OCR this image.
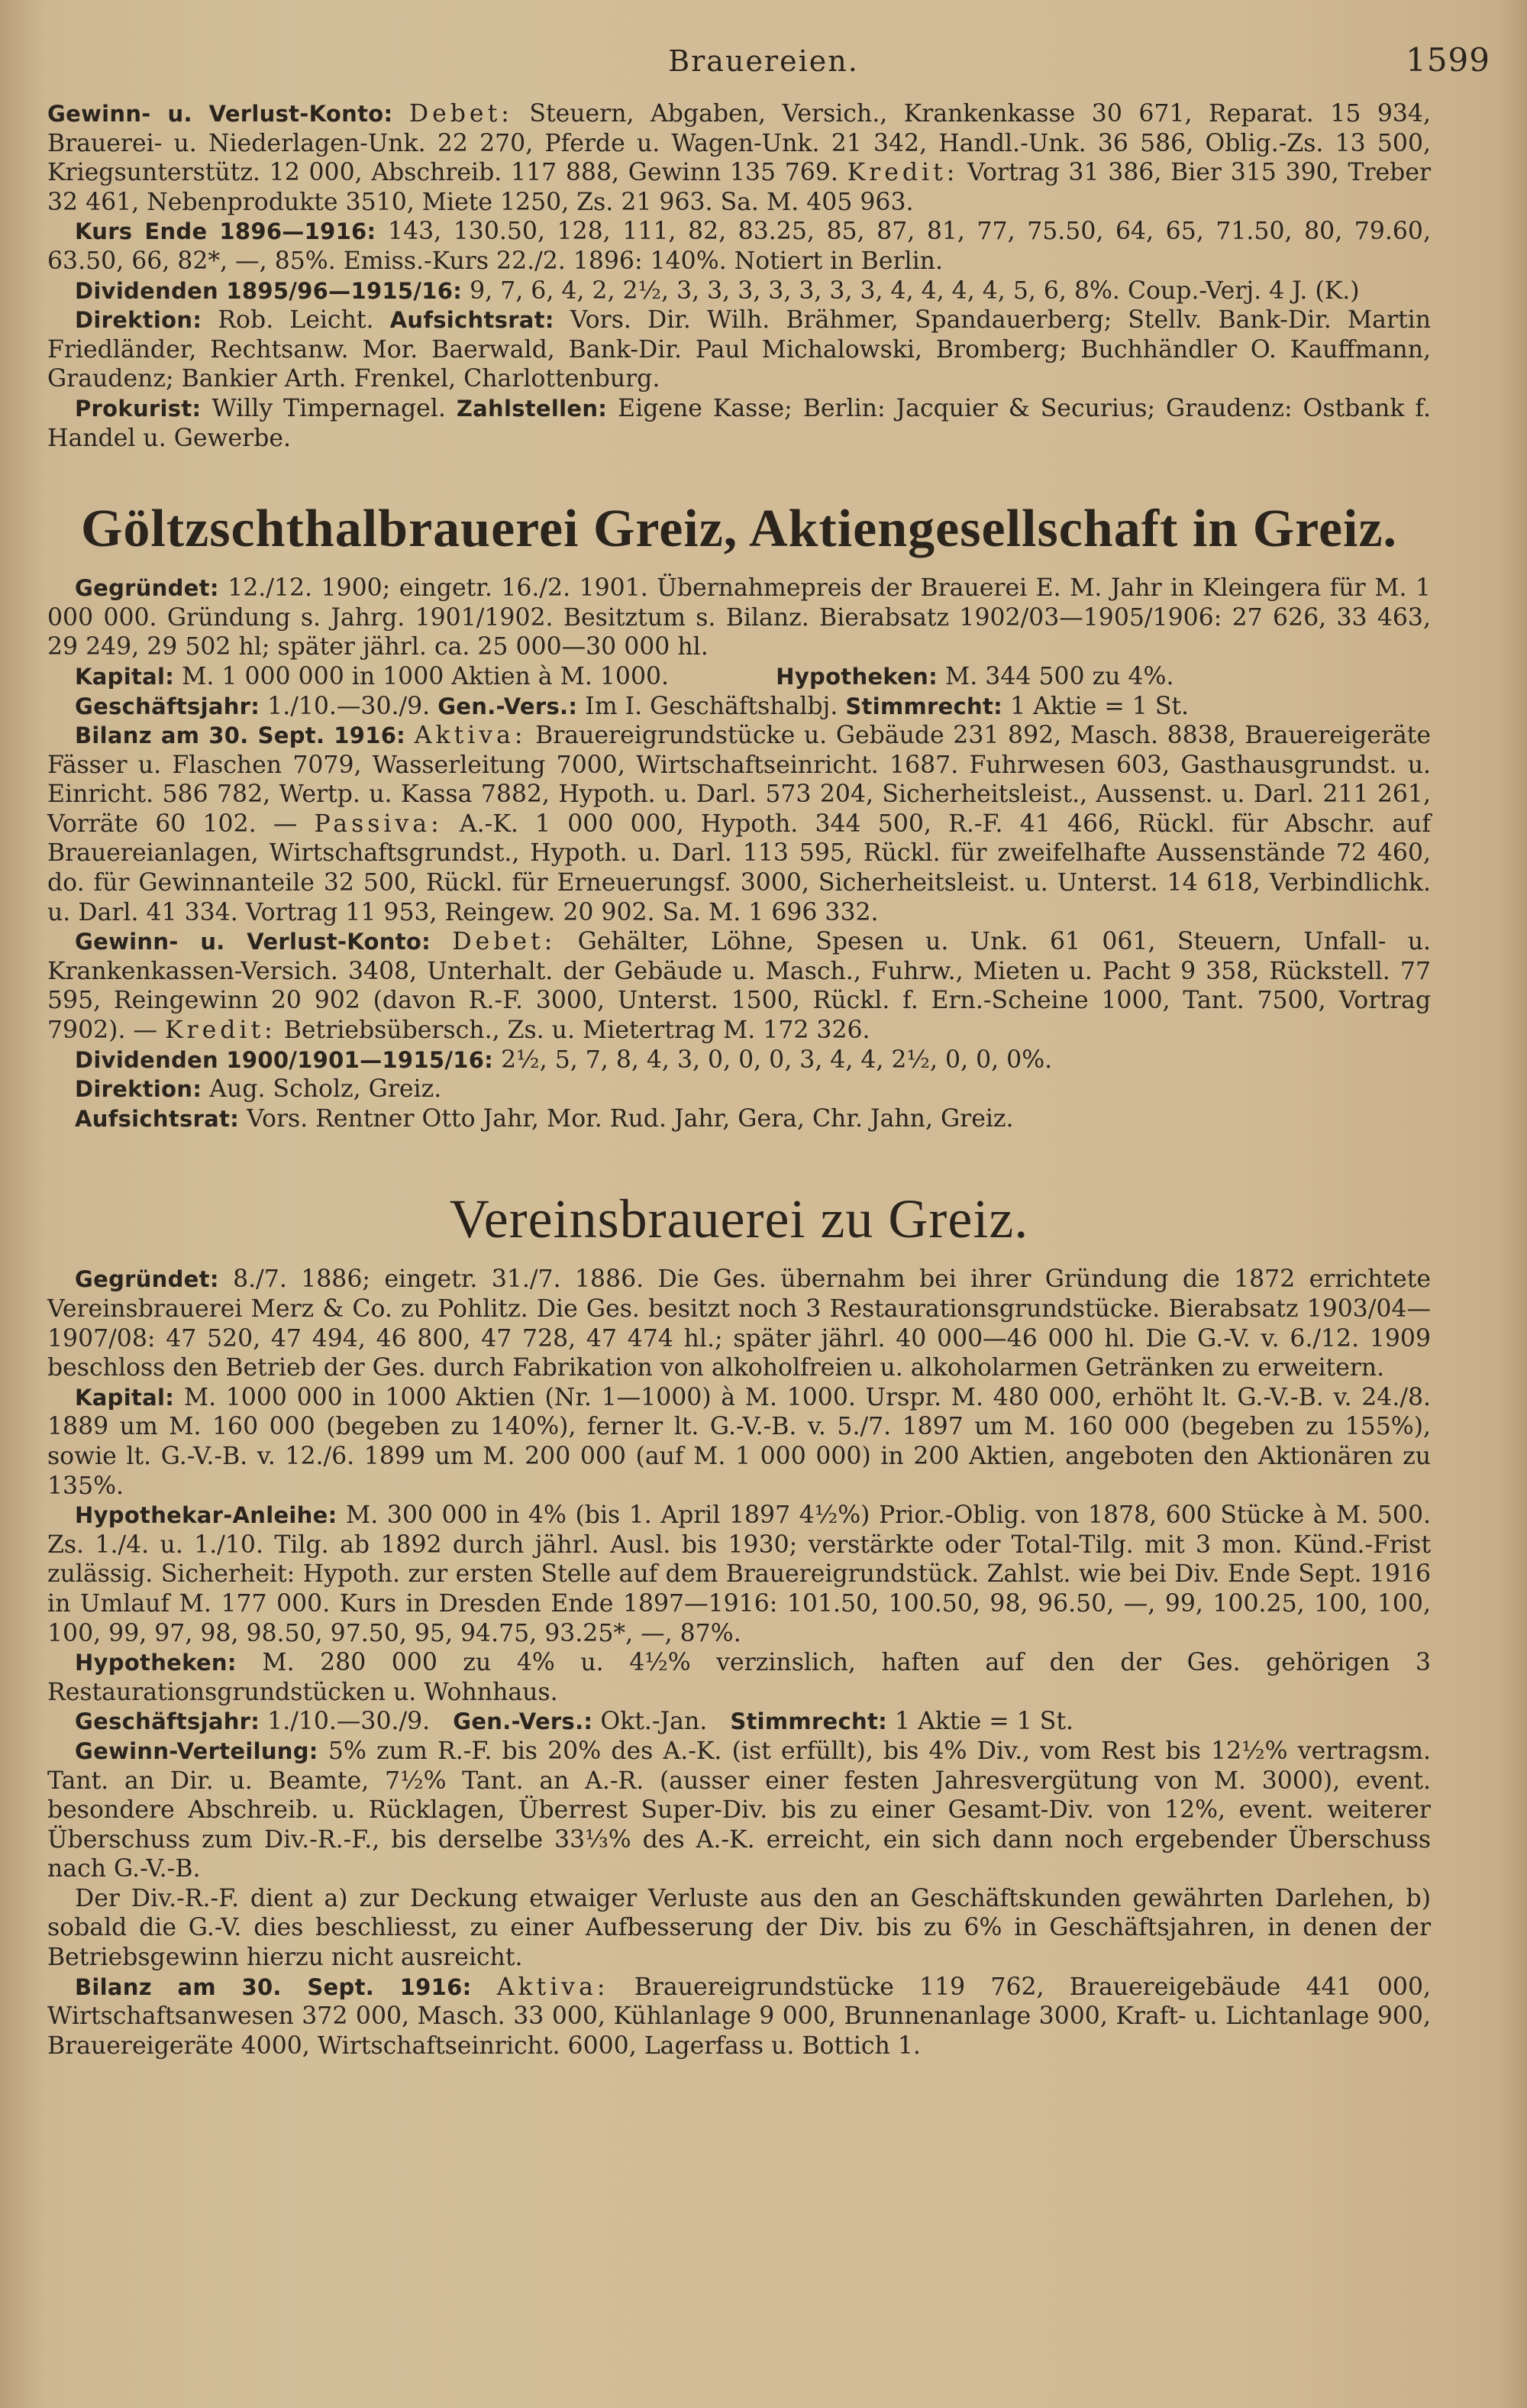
Brauereien.	1599

Gewinn- u. Verlust-Konto: Debet: Steuern, Abgaben, Versich., Krankenkasse 30 671, Reparat. 15 934, Brauerei- u. Niederlagen-Unk. 22 270, Pferde u. Wagen-Unk. 21 342, Handl.-Unk. 36 586, Oblig.-Zs. 13 500, Kriegsunterstütz. 12 000, Abschreib. 117 888, Gewinn 135 769. Kredit: Vortrag 31 386, Bier 315 390, Treber 32 461, Nebenprodukte 3510, Miete 1250, Zs. 21 963. Sa. M. 405 963.

Kurs Ende 1896—1916: 143, 130.50, 128, 111, 82, 83.25, 85, 87, 81, 77, 75.50, 64, 65, 71.50, 80, 79.60, 63.50, 66, 82*, —, 85%. Emiss.-Kurs 22./2. 1896: 140%. Notiert in Berlin.

Dividenden 1895/96—1915/16: 9, 7, 6, 4, 2, 2½, 3, 3, 3, 3, 3, 3, 3, 4, 4, 4, 4, 5, 6, 8%. Coup.-Verj. 4 J. (K.)

Direktion: Rob. Leicht. Aufsichtsrat: Vors. Dir. Wilh. Brähmer, Spandauerberg; Stellv. Bank-Dir. Martin Friedländer, Rechtsanw. Mor. Baerwald, Bank-Dir. Paul Michalowski, Bromberg; Buchhändler O. Kauffmann, Graudenz; Bankier Arth. Frenkel, Charlottenburg.

Prokurist: Willy Timpernagel. Zahlstellen: Eigene Kasse; Berlin: Jacquier & Securius; Graudenz: Ostbank f. Handel u. Gewerbe.

Göltzschthalbrauerei Greiz, Aktiengesellschaft in Greiz.

Gegründet: 12./12. 1900; eingetr. 16./2. 1901. Übernahmepreis der Brauerei E. M. Jahr in Kleingera für M. 1 000 000. Gründung s. Jahrg. 1901/1902. Besitztum s. Bilanz. Bierabsatz 1902/03—1905/1906: 27 626, 33 463, 29 249, 29 502 hl; später jährl. ca. 25 000—30 000 hl.

Kapital: M. 1 000 000 in 1000 Aktien à M. 1000.	Hypotheken: M. 344 500 zu 4%.

Geschäftsjahr: 1./10.—30./9. Gen.-Vers.: Im I. Geschäftshalbj. Stimmrecht: 1 Aktie = 1 St.

Bilanz am 30. Sept. 1916: Aktiva: Brauereigrundstücke u. Gebäude 231 892, Masch. 8838, Brauereigeräte Fässer u. Flaschen 7079, Wasserleitung 7000, Wirtschaftseinricht. 1687. Fuhrwesen 603, Gasthausgrundst. u. Einricht. 586 782, Wertp. u. Kassa 7882, Hypoth. u. Darl. 573 204, Sicherheitsleist., Aussenst. u. Darl. 211 261, Vorräte 60 102. — Passiva: A.-K. 1 000 000, Hypoth. 344 500, R.-F. 41 466, Rückl. für Abschr. auf Brauereianlagen, Wirtschaftsgrundst., Hypoth. u. Darl. 113 595, Rückl. für zweifelhafte Aussenstände 72 460, do. für Gewinnanteile 32 500, Rückl. für Erneuerungsf. 3000, Sicherheitsleist. u. Unterst. 14 618, Verbindlichk. u. Darl. 41 334. Vortrag 11 953, Reingew. 20 902. Sa. M. 1 696 332.

Gewinn- u. Verlust-Konto: Debet: Gehälter, Löhne, Spesen u. Unk. 61 061, Steuern, Unfall- u. Krankenkassen-Versich. 3408, Unterhalt. der Gebäude u. Masch., Fuhrw., Mieten u. Pacht 9 358, Rückstell. 77 595, Reingewinn 20 902 (davon R.-F. 3000, Unterst. 1500, Rückl. f. Ern.-Scheine 1000, Tant. 7500, Vortrag 7902). — Kredit: Betriebsübersch., Zs. u. Mietertrag M. 172 326.

Dividenden 1900/1901—1915/16: 2½, 5, 7, 8, 4, 3, 0, 0, 0, 3, 4, 4, 2½, 0, 0, 0%.

Direktion: Aug. Scholz, Greiz.

Aufsichtsrat: Vors. Rentner Otto Jahr, Mor. Rud. Jahr, Gera, Chr. Jahn, Greiz.

Vereinsbrauerei zu Greiz.

Gegründet: 8./7. 1886; eingetr. 31./7. 1886. Die Ges. übernahm bei ihrer Gründung die 1872 errichtete Vereinsbrauerei Merz & Co. zu Pohlitz. Die Ges. besitzt noch 3 Restaurationsgrundstücke. Bierabsatz 1903/04—1907/08: 47 520, 47 494, 46 800, 47 728, 47 474 hl.; später jährl. 40 000—46 000 hl. Die G.-V. v. 6./12. 1909 beschloss den Betrieb der Ges. durch Fabrikation von alkoholfreien u. alkoholarmen Getränken zu erweitern.

Kapital: M. 1000 000 in 1000 Aktien (Nr. 1—1000) à M. 1000. Urspr. M. 480 000, erhöht lt. G.-V.-B. v. 24./8. 1889 um M. 160 000 (begeben zu 140%), ferner lt. G.-V.-B. v. 5./7. 1897 um M. 160 000 (begeben zu 155%), sowie lt. G.-V.-B. v. 12./6. 1899 um M. 200 000 (auf M. 1 000 000) in 200 Aktien, angeboten den Aktionären zu 135%.

Hypothekar-Anleihe: M. 300 000 in 4% (bis 1. April 1897 4½%) Prior.-Oblig. von 1878, 600 Stücke à M. 500. Zs. 1./4. u. 1./10. Tilg. ab 1892 durch jährl. Ausl. bis 1930; verstärkte oder Total-Tilg. mit 3 mon. Künd.-Frist zulässig. Sicherheit: Hypoth. zur ersten Stelle auf dem Brauereigrundstück. Zahlst. wie bei Div. Ende Sept. 1916 in Umlauf M. 177 000. Kurs in Dresden Ende 1897—1916: 101.50, 100.50, 98, 96.50, —, 99, 100.25, 100, 100, 100, 99, 97, 98, 98.50, 97.50, 95, 94.75, 93.25*, —, 87%.

Hypotheken: M. 280 000 zu 4% u. 4½% verzinslich, haften auf den der Ges. gehörigen 3 Restaurationsgrundstücken u. Wohnhaus.

Geschäftsjahr: 1./10.—30./9. Gen.-Vers.: Okt.-Jan. Stimmrecht: 1 Aktie = 1 St.

Gewinn-Verteilung: 5% zum R.-F. bis 20% des A.-K. (ist erfüllt), bis 4% Div., vom Rest bis 12½% vertragsm. Tant. an Dir. u. Beamte, 7½% Tant. an A.-R. (ausser einer festen Jahresvergütung von M. 3000), event. besondere Abschreib. u. Rücklagen, Überrest Super-Div. bis zu einer Gesamt-Div. von 12%, event. weiterer Überschuss zum Div.-R.-F., bis derselbe 33⅓% des A.-K. erreicht, ein sich dann noch ergebender Überschuss nach G.-V.-B.

Der Div.-R.-F. dient a) zur Deckung etwaiger Verluste aus den an Geschäftskunden gewährten Darlehen, b) sobald die G.-V. dies beschliesst, zu einer Aufbesserung der Div. bis zu 6% in Geschäftsjahren, in denen der Betriebsgewinn hierzu nicht ausreicht.

Bilanz am 30. Sept. 1916: Aktiva: Brauereigrundstücke 119 762, Brauereigebäude 441 000, Wirtschaftsanwesen 372 000, Masch. 33 000, Kühlanlage 9 000, Brunnenanlage 3000, Kraft- u. Lichtanlage 900, Brauereigeräte 4000, Wirtschaftseinricht. 6000, Lagerfass u. Bottich 1.
